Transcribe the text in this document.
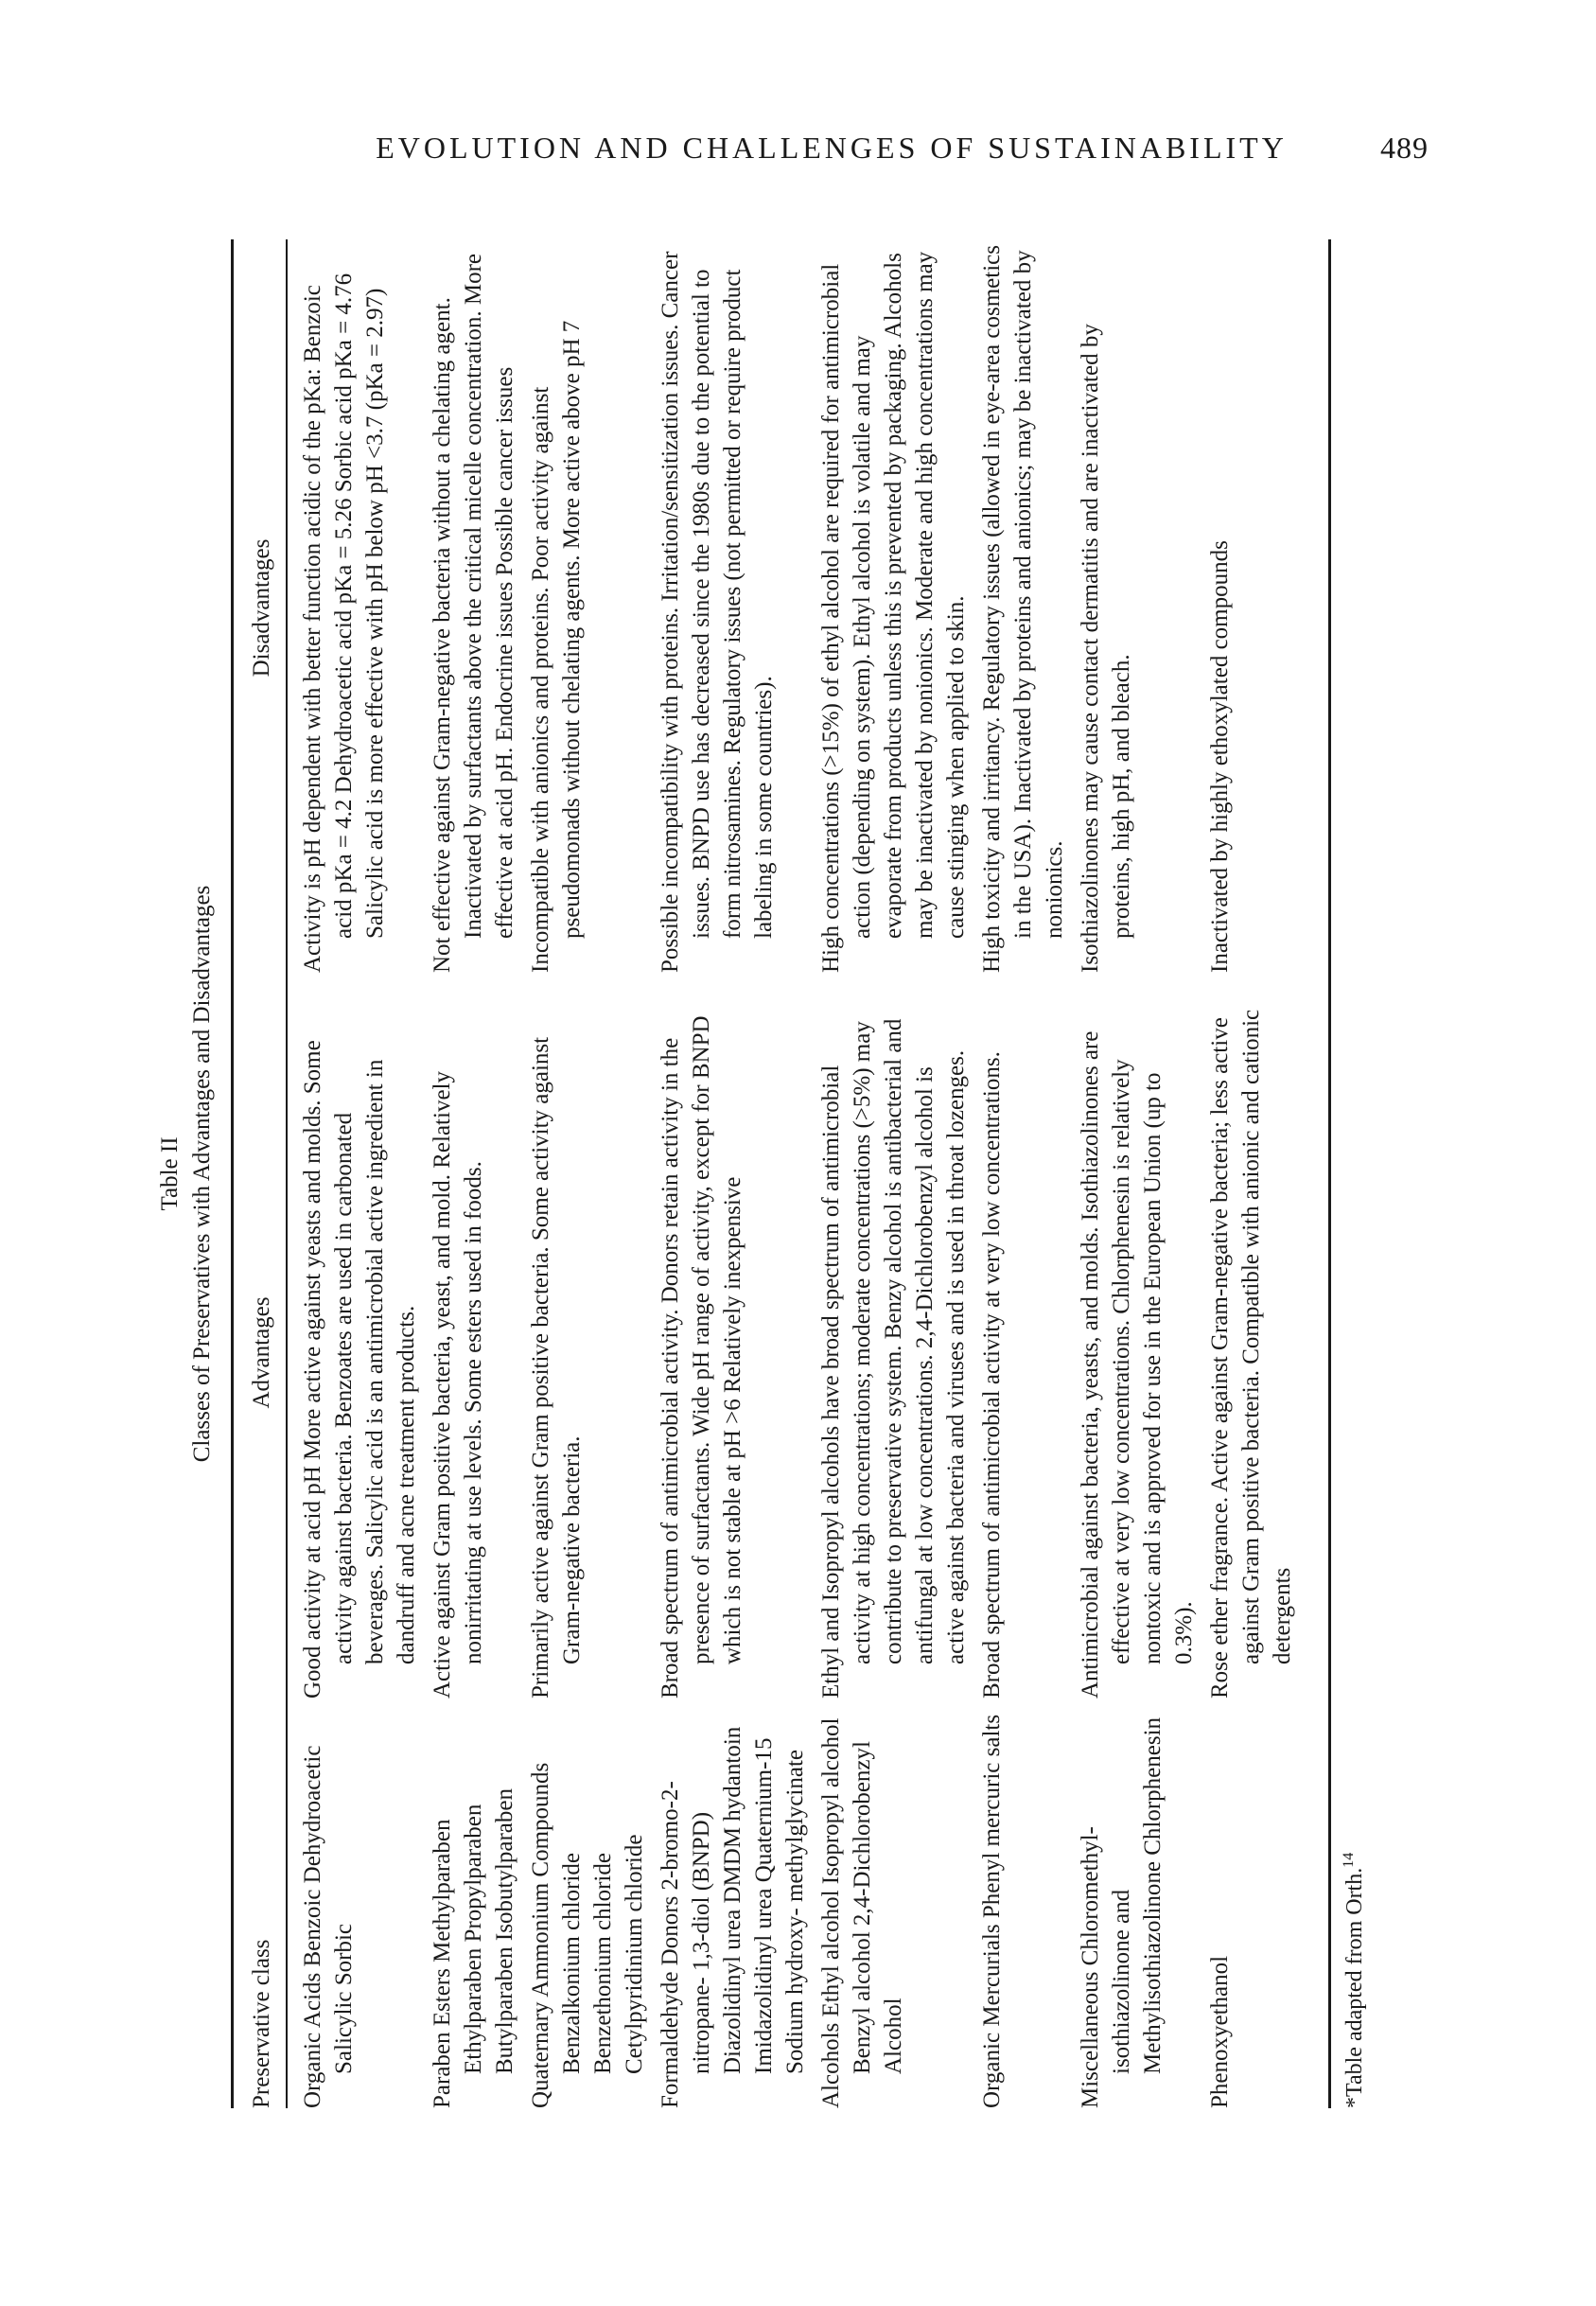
EVOLUTION AND CHALLENGES OF SUSTAINABILITY	489
Table II Classes of Preservatives with Advantages and Disadvantages
Preservative class
Advantages
Disadvantages
Organic Acids Benzoic Dehydroacetic Salicylic Sorbic
Good activity at acid pH More active against yeasts and molds. Some activity against bacteria. Benzoates are used in carbonated beverages. Salicylic acid is an antimicrobial active ingredient in dandruff and acne treatment products.
Activity is pH dependent with better function acidic of the pKa: Benzoic acid pKa = 4.2 Dehydroacetic acid pKa = 5.26 Sorbic acid pKa = 4.76 Salicylic acid is more effective with pH below pH <3.7 (pKa = 2.97)
Paraben Esters Methylparaben Ethylparaben Propylparaben Butylparaben Isobutylparaben
Active against Gram positive bacteria, yeast, and mold. Relatively nonirritating at use levels. Some esters used in foods.
Not effective against Gram-negative bacteria without a chelating agent. Inactivated by surfactants above the critical micelle concentration. More effective at acid pH. Endocrine issues Possible cancer issues
Quaternary Ammonium Compounds Benzalkonium chloride Benzethonium chloride Cetylpyridinium chloride
Primarily active against Gram positive bacteria. Some activity against Gram-negative bacteria.
Incompatible with anionics and proteins. Poor activity against pseudomonads without chelating agents. More active above pH 7
Formaldehyde Donors 2-bromo-2-nitropane- 1,3-diol (BNPD) Diazolidinyl urea DMDM hydantoin Imidazolidinyl urea Quaternium-15 Sodium hydroxy- methylglycinate
Broad spectrum of antimicrobial activity. Donors retain activity in the presence of surfactants. Wide pH range of activity, except for BNPD which is not stable at pH >6 Relatively inexpensive
Possible incompatibility with proteins. Irritation/sensitization issues. Cancer issues. BNPD use has decreased since the 1980s due to the potential to form nitrosamines. Regulatory issues (not permitted or require product labeling in some countries).
Alcohols Ethyl alcohol Isopropyl alcohol Benzyl alcohol 2,4-Dichlorobenzyl Alcohol
Ethyl and Isopropyl alcohols have broad spectrum of antimicrobial activity at high concentrations; moderate concentrations (>5%) may contribute to preservative system. Benzy alcohol is antibacterial and antifungal at low concentrations. 2,4-Dichlorobenzyl alcohol is active against bacteria and viruses and is used in throat lozenges.
High concentrations (>15%) of ethyl alcohol are required for antimicrobial action (depending on system). Ethyl alcohol is volatile and may evaporate from products unless this is prevented by packaging. Alcohols may be inactivated by nonionics. Moderate and high concentrations may cause stinging when applied to skin.
Organic Mercurials Phenyl mercuric salts
Broad spectrum of antimicrobial activity at very low concentrations.
High toxicity and irritancy. Regulatory issues (allowed in eye-area cosmetics in the USA). Inactivated by proteins and anionics; may be inactivated by nonionics.
Miscellaneous Chloromethyl-isothiazolinone and Methylisothiazolinone Chlorphenesin
Antimicrobial against bacteria, yeasts, and molds. Isothiazolinones are effective at very low concentrations. Chlorphenesin is relatively nontoxic and is approved for use in the European Union (up to 0.3%).
Isothiazolinones may cause contact dermatitis and are inactivated by proteins, high pH, and bleach.
Phenoxyethanol
Rose ether fragrance. Active against Gram-negative bacteria; less active against Gram positive bacteria. Compatible with anionic and cationic detergents
Inactivated by highly ethoxylated compounds
*Table adapted from Orth.$^{14}$
